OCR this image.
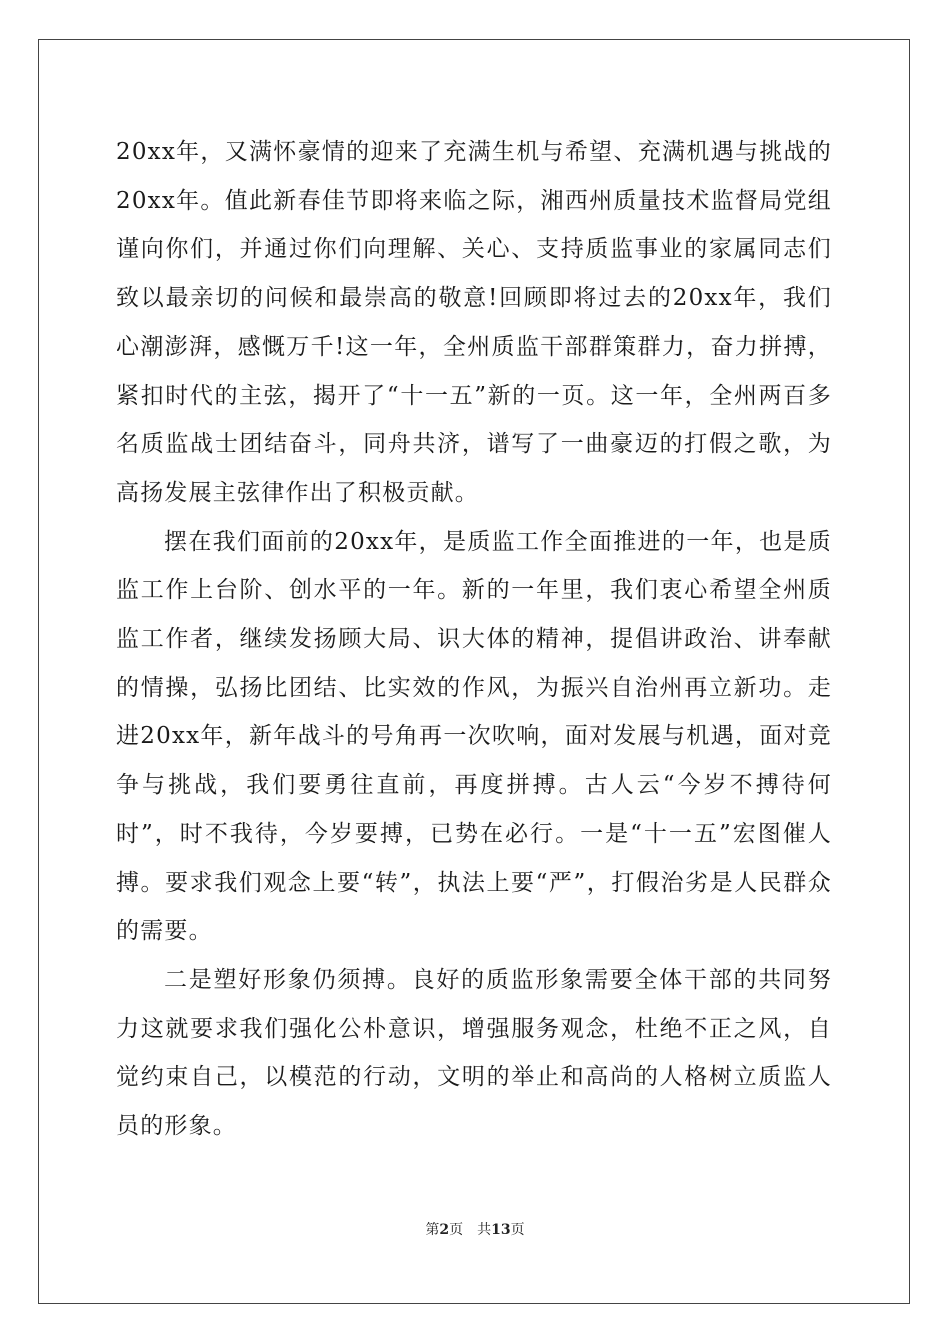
20xx年，又满怀豪情的迎来了充满生机与希望、充满机遇与挑战的20xx年。值此新春佳节即将来临之际，湘西州质量技术监督局党组谨向你们，并通过你们向理解、关心、支持质监事业的家属同志们致以最亲切的问候和最崇高的敬意!回顾即将过去的20xx年，我们心潮澎湃，感慨万千!这一年，全州质监干部群策群力，奋力拼搏，紧扣时代的主弦，揭开了“十一五”新的一页。这一年，全州两百多名质监战士团结奋斗，同舟共济，谱写了一曲豪迈的打假之歌，为高扬发展主弦律作出了积极贡献。

摆在我们面前的20xx年，是质监工作全面推进的一年，也是质监工作上台阶、创水平的一年。新的一年里，我们衷心希望全州质监工作者，继续发扬顾大局、识大体的精神，提倡讲政治、讲奉献的情操，弘扬比团结、比实效的作风，为振兴自治州再立新功。走进20xx年，新年战斗的号角再一次吹响，面对发展与机遇，面对竞争与挑战，我们要勇往直前，再度拼搏。古人云“今岁不搏待何时”，时不我待，今岁要搏，已势在必行。一是“十一五”宏图催人搏。要求我们观念上要“转”，执法上要“严”，打假治劣是人民群众的需要。

二是塑好形象仍须搏。良好的质监形象需要全体干部的共同努力这就要求我们强化公朴意识，增强服务观念，杜绝不正之风，自觉约束自己，以模范的行动，文明的举止和高尚的人格树立质监人员的形象。

第2页 共13页
